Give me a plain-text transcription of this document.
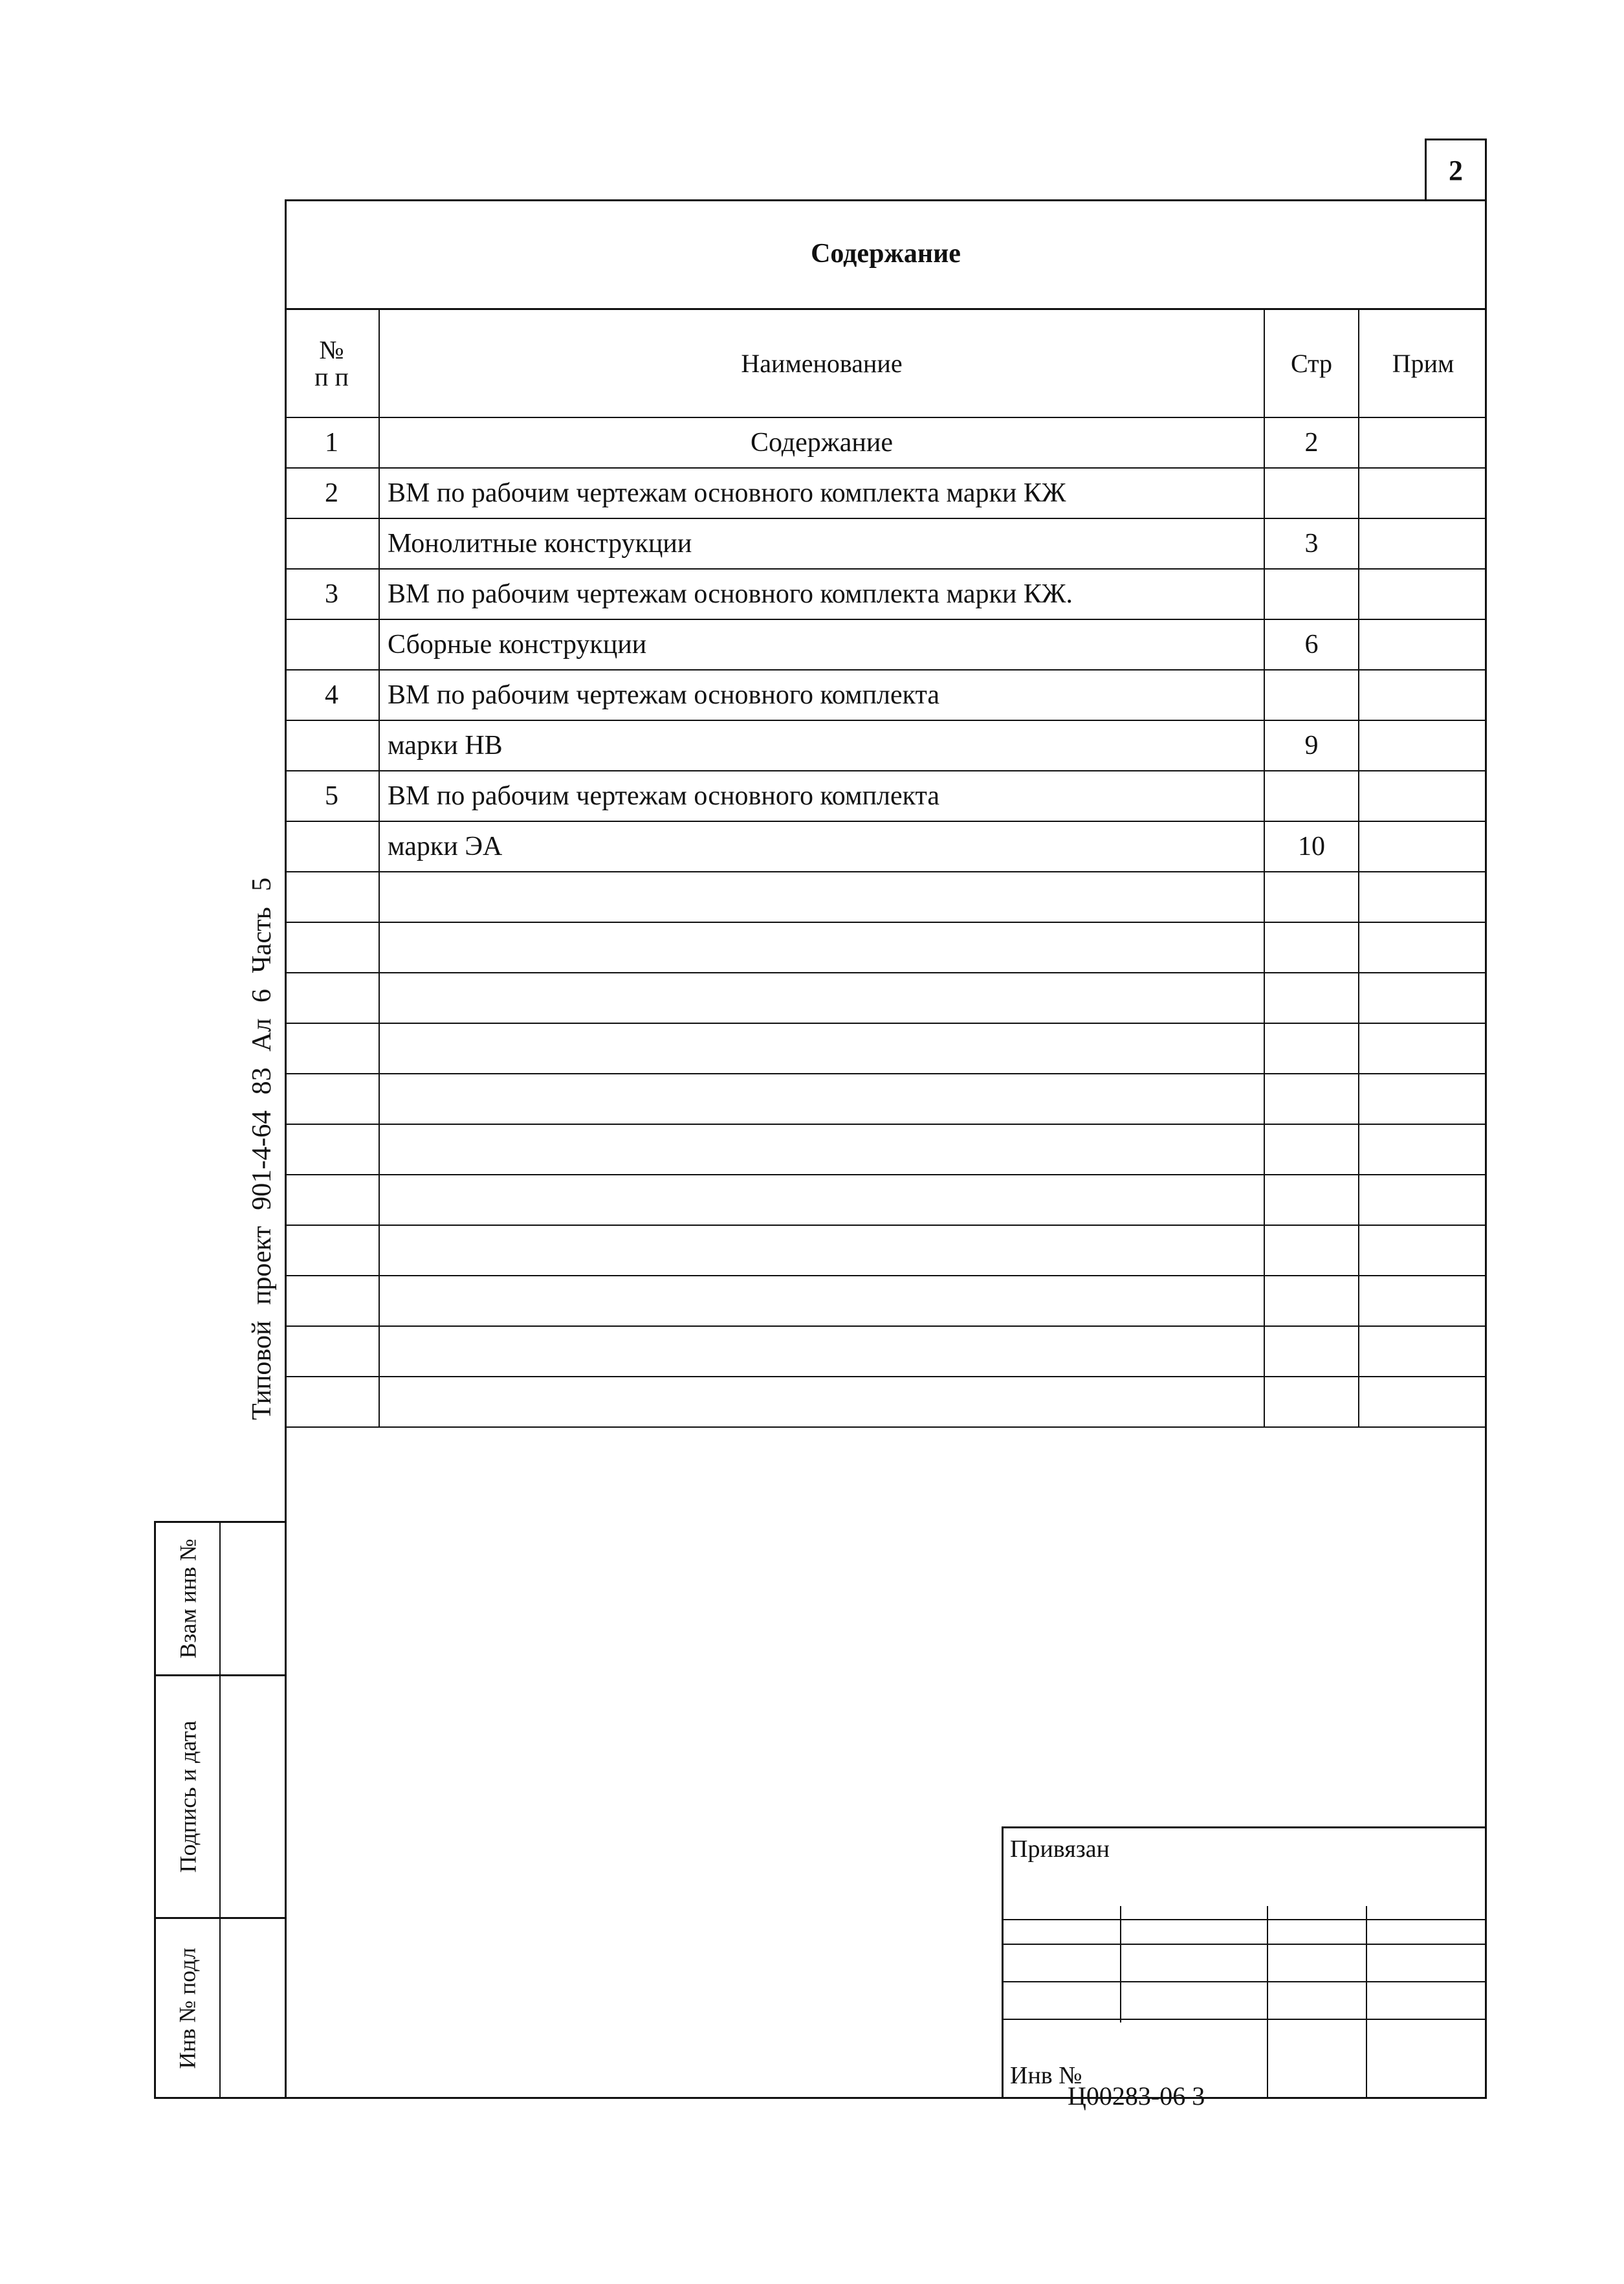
2
Содержание
№
п п	Наименование	Стр	Прим
1	Содержание	2	
2	ВМ по рабочим чертежам основного комплекта марки КЖ		
	Монолитные конструкции	3	
3	ВМ по рабочим чертежам основного комплекта марки КЖ.		
	Сборные конструкции	6	
4	ВМ по рабочим чертежам основного комплекта		
	марки НВ	9	
5	ВМ по рабочим чертежам основного комплекта		
	марки ЭА	10	

Типовой проект 901-4-64 83 Ал 6 Часть 5
Взам инв №
Подпись и дата
Инв № подл
Привязан
Инв №
Ц00283-06 3
